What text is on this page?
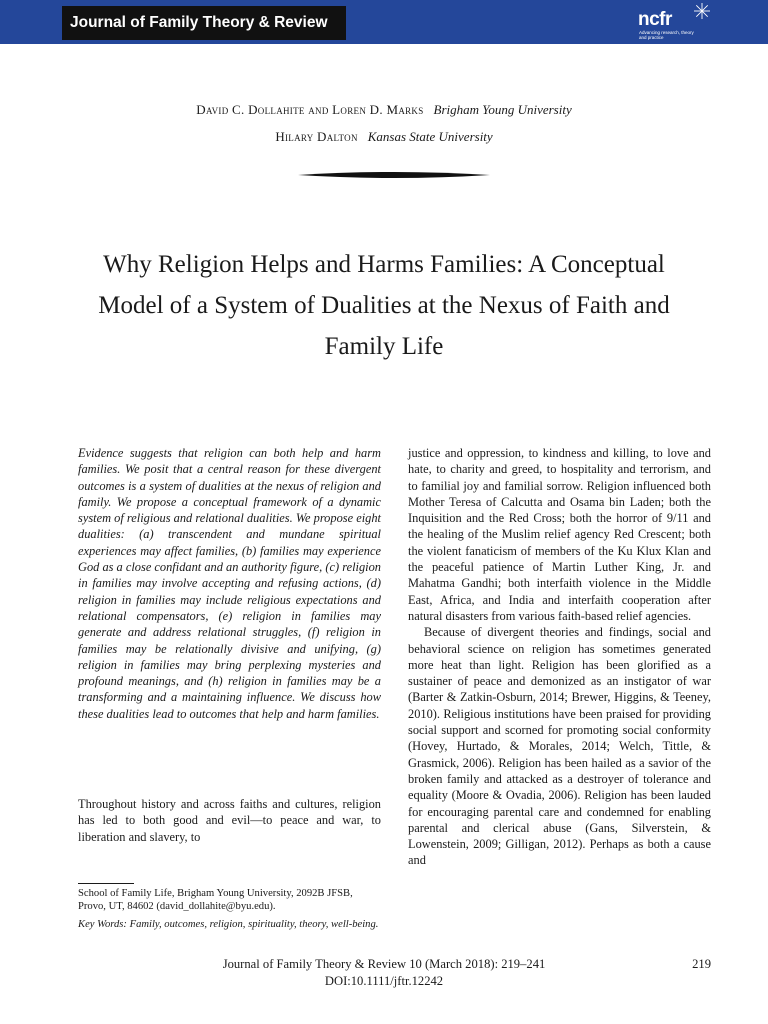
Journal of Family Theory & Review	ncfr
Advancing research, theory and practice
David C. Dollahite and Loren D. Marks Brigham Young University
Hilary Dalton Kansas State University
Why Religion Helps and Harms Families: A Conceptual Model of a System of Dualities at the Nexus of Faith and Family Life
Evidence suggests that religion can both help and harm families. We posit that a central reason for these divergent outcomes is a system of dualities at the nexus of religion and family. We propose a conceptual framework of a dynamic system of religious and relational dualities. We propose eight dualities: (a) transcendent and mundane spiritual experiences may affect families, (b) families may experience God as a close confidant and an authority figure, (c) religion in families may involve accepting and refusing actions, (d) religion in families may include religious expectations and relational compensators, (e) religion in families may generate and address relational struggles, (f) religion in families may be relationally divisive and unifying, (g) religion in families may bring perplexing mysteries and profound meanings, and (h) religion in families may be a transforming and a maintaining influence. We discuss how these dualities lead to outcomes that help and harm families.
Throughout history and across faiths and cultures, religion has led to both good and evil—to peace and war, to liberation and slavery, to

justice and oppression, to kindness and killing, to love and hate, to charity and greed, to hospitality and terrorism, and to familial joy and familial sorrow. Religion influenced both Mother Teresa of Calcutta and Osama bin Laden; both the Inquisition and the Red Cross; both the horror of 9/11 and the healing of the Muslim relief agency Red Crescent; both the violent fanaticism of members of the Ku Klux Klan and the peaceful patience of Martin Luther King, Jr. and Mahatma Gandhi; both interfaith violence in the Middle East, Africa, and India and interfaith cooperation after natural disasters from various faith-based relief agencies.

Because of divergent theories and findings, social and behavioral science on religion has sometimes generated more heat than light. Religion has been glorified as a sustainer of peace and demonized as an instigator of war (Barter & Zatkin-Osburn, 2014; Brewer, Higgins, & Teeney, 2010). Religious institutions have been praised for providing social support and scorned for promoting social conformity (Hovey, Hurtado, & Morales, 2014; Welch, Tittle, & Grasmick, 2006). Religion has been hailed as a savior of the broken family and attacked as a destroyer of tolerance and equality (Moore & Ovadia, 2006). Religion has been lauded for encouraging parental care and condemned for enabling parental and clerical abuse (Gans, Silverstein, & Lowenstein, 2009; Gilligan, 2012). Perhaps as both a cause and

School of Family Life, Brigham Young University, 2092B JFSB, Provo, UT, 84602 (david_dollahite@byu.edu).
Key Words: Family, outcomes, religion, spirituality, theory, well-being.
Journal of Family Theory & Review 10 (March 2018): 219–241
DOI:10.1111/jftr.12242
219
